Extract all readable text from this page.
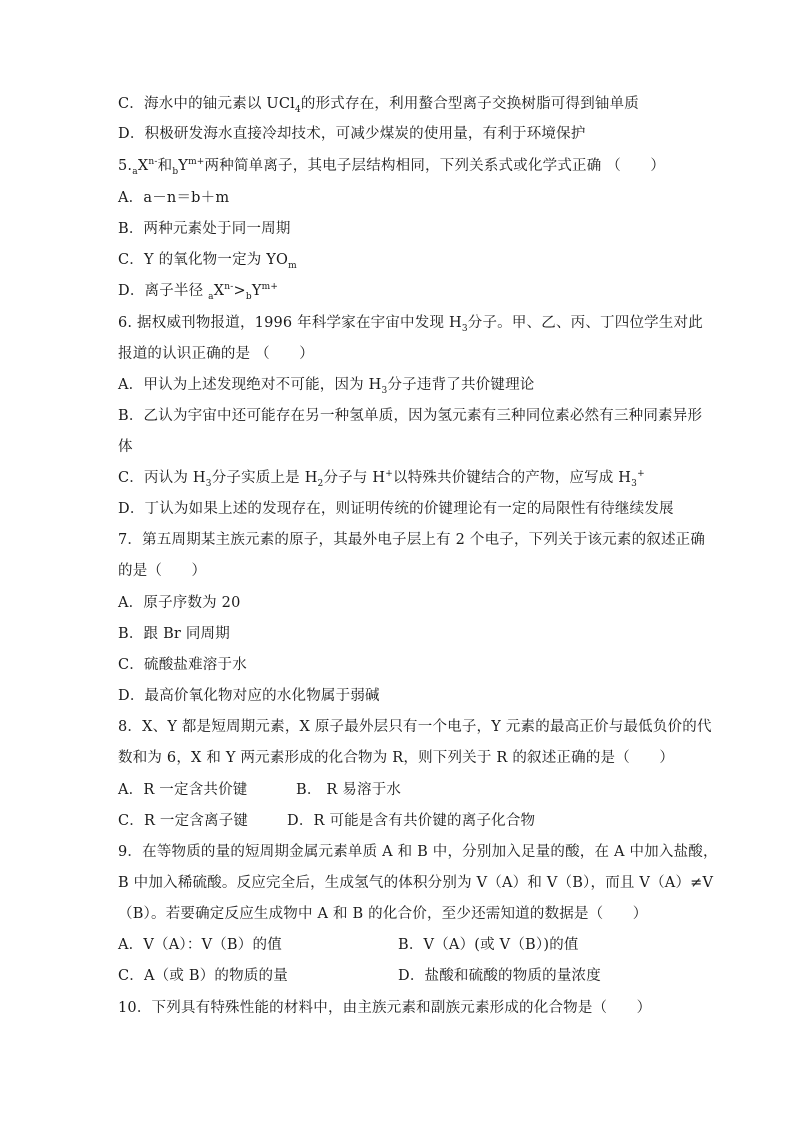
C．海水中的铀元素以 UCl$_4$的形式存在，利用螯合型离子交换树脂可得到铀单质
D．积极研发海水直接冷却技术，可减少煤炭的使用量，有利于环境保护
$5._aX^{n-}$和$_bY^{m+}$两种简单离子，其电子层结构相同，下列关系式或化学式正确 （　　）
A．a－n＝b＋m
B．两种元素处于同一周期
C．Y 的氧化物一定为 $YO_m$
D．离子半径 $_aX^{n-}>_bY^{m+}$
6. 据权威刊物报道，1996 年科学家在宇宙中发现 $H_3$分子。甲、乙、丙、丁四位学生对此
报道的认识正确的是 （　　）
A．甲认为上述发现绝对不可能，因为 $H_3$分子违背了共价键理论
B．乙认为宇宙中还可能存在另一种氢单质，因为氢元素有三种同位素必然有三种同素异形
体
C．丙认为 $H_3$分子实质上是 $H_2$分子与 H+以特殊共价键结合的产物，应写成 $H_3^+$
D．丁认为如果上述的发现存在，则证明传统的价键理论有一定的局限性有待继续发展
7．第五周期某主族元素的原子，其最外电子层上有 2 个电子，下列关于该元素的叙述正确
的是（　　）
A．原子序数为 20
B．跟 Br 同周期
C．硫酸盐难溶于水
D．最高价氧化物对应的水化物属于弱碱
8．X、Y 都是短周期元素，X 原子最外层只有一个电子，Y 元素的最高正价与最低负价的代
数和为 6，X 和 Y 两元素形成的化合物为 R，则下列关于 R 的叙述正确的是（　　）
A．R 一定含共价键	B． R 易溶于水
C．R 一定含离子键	D．R 可能是含有共价键的离子化合物
9．在等物质的量的短周期金属元素单质 A 和 B 中，分别加入足量的酸，在 A 中加入盐酸，
B 中加入稀硫酸。反应完全后，生成氢气的体积分别为 V（A）和 V（B），而且 V（A）≠V
（B）。若要确定反应生成物中 A 和 B 的化合价，至少还需知道的数据是（　　）
A．V（A）：V（B）的值	B．V（A）(或 V（B）)的值
C．A（或 B）的物质的量	D．盐酸和硫酸的物质的量浓度
10．下列具有特殊性能的材料中，由主族元素和副族元素形成的化合物是（　　）
